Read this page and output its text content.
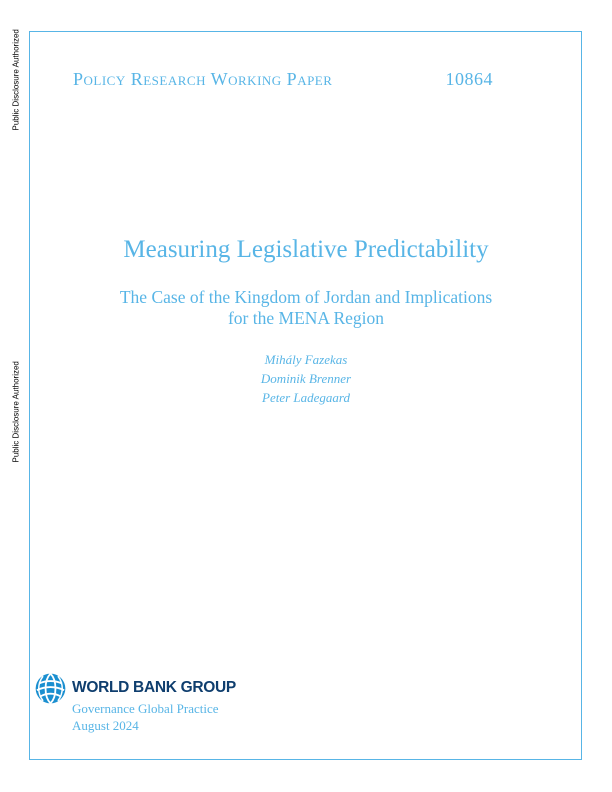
Public Disclosure Authorized
Public Disclosure Authorized
Policy Research Working Paper	10864
Measuring Legislative Predictability
The Case of the Kingdom of Jordan and Implications
for the MENA Region
Mihály Fazekas
Dominik Brenner
Peter Ladegaard
WORLD BANK GROUP
Governance Global Practice
August 2024
